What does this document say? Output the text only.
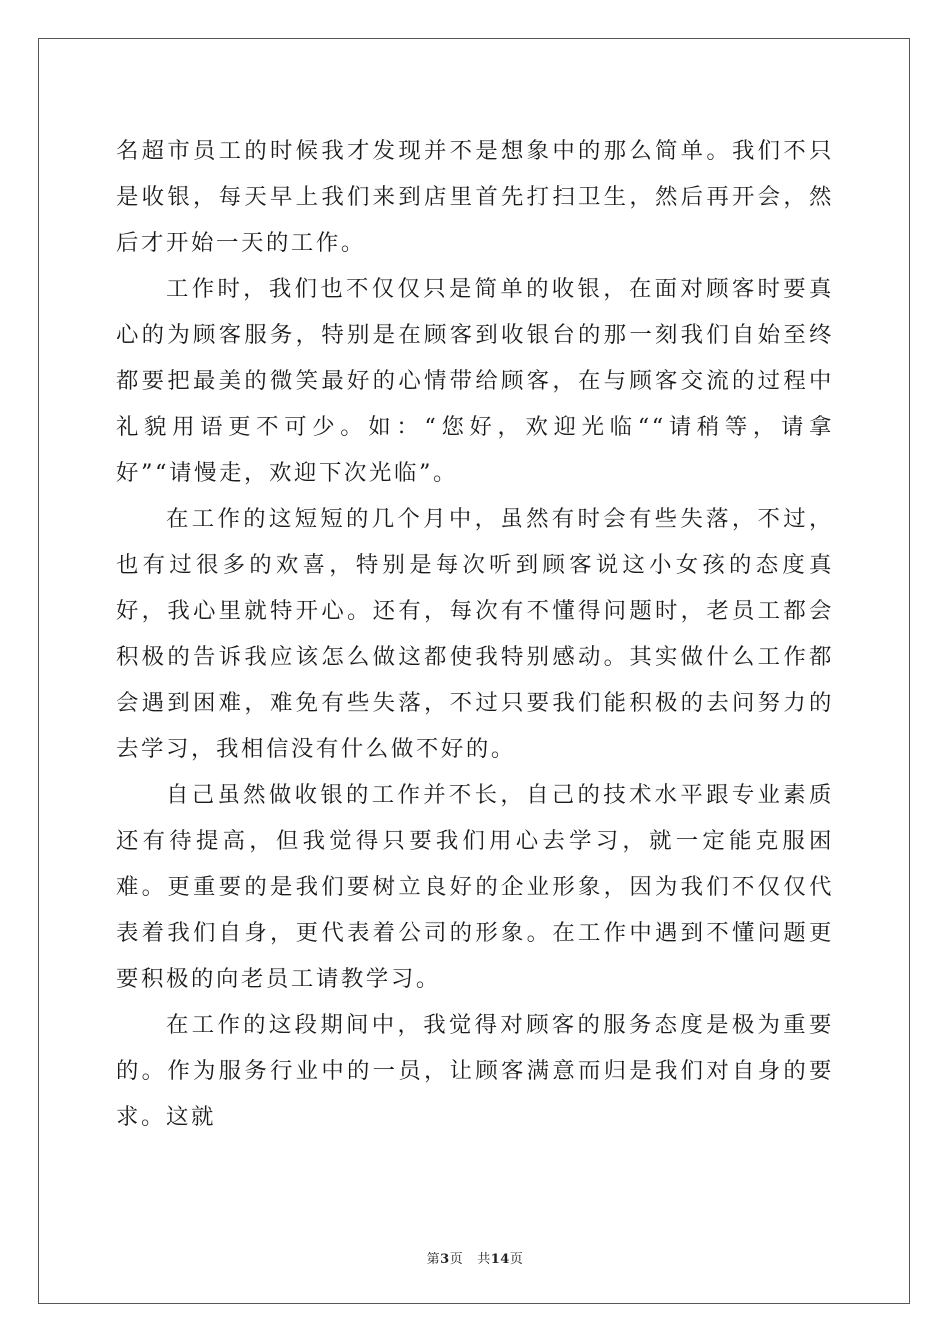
名超市员工的时候我才发现并不是想象中的那么简单。我们不只是收银，每天早上我们来到店里首先打扫卫生，然后再开会，然后才开始一天的工作。

工作时，我们也不仅仅只是简单的收银，在面对顾客时要真心的为顾客服务，特别是在顾客到收银台的那一刻我们自始至终都要把最美的微笑最好的心情带给顾客，在与顾客交流的过程中礼貌用语更不可少。如：“您好，欢迎光临““请稍等，请拿好”“请慢走，欢迎下次光临”。

在工作的这短短的几个月中，虽然有时会有些失落，不过，也有过很多的欢喜，特别是每次听到顾客说这小女孩的态度真好，我心里就特开心。还有，每次有不懂得问题时，老员工都会积极的告诉我应该怎么做这都使我特别感动。其实做什么工作都会遇到困难，难免有些失落，不过只要我们能积极的去问努力的去学习，我相信没有什么做不好的。

自己虽然做收银的工作并不长，自己的技术水平跟专业素质还有待提高，但我觉得只要我们用心去学习，就一定能克服困难。更重要的是我们要树立良好的企业形象，因为我们不仅仅代表着我们自身，更代表着公司的形象。在工作中遇到不懂问题更要积极的向老员工请教学习。

在工作的这段期间中，我觉得对顾客的服务态度是极为重要的。作为服务行业中的一员，让顾客满意而归是我们对自身的要求。这就

第3页 共14页
